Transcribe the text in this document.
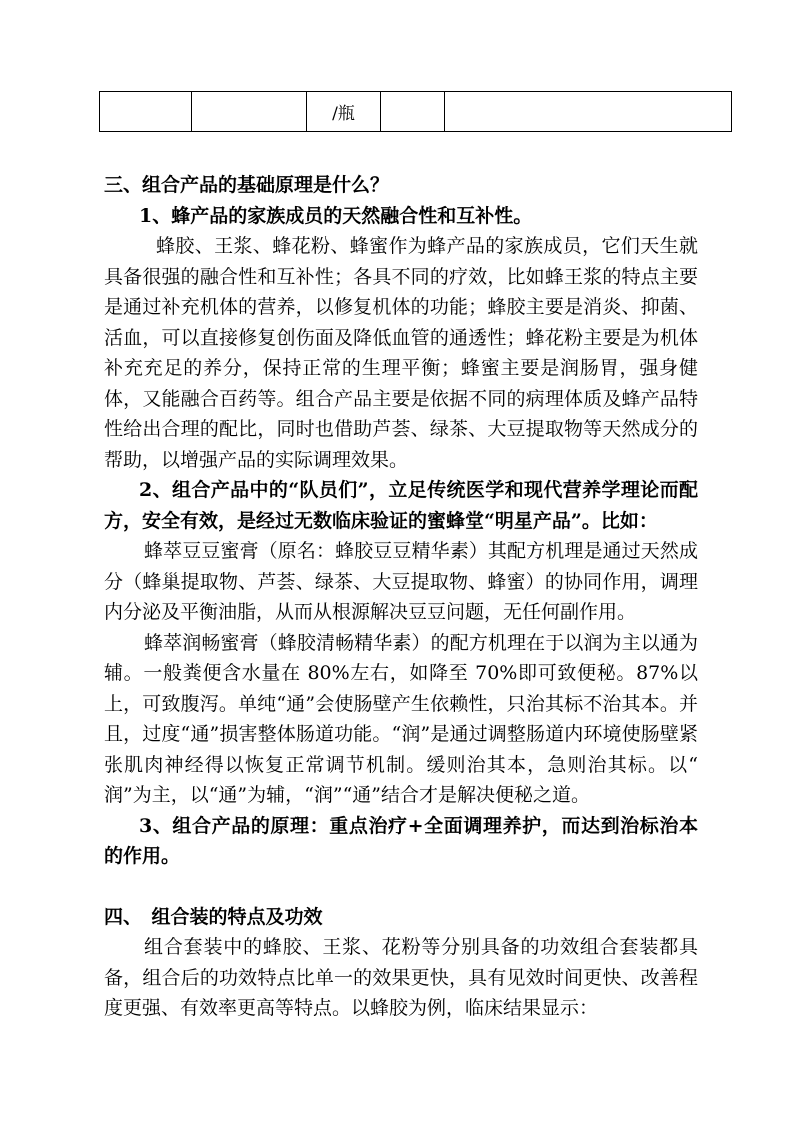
		/瓶		

三、组合产品的基础原理是什么？

1、蜂产品的家族成员的天然融合性和互补性。

蜂胶、王浆、蜂花粉、蜂蜜作为蜂产品的家族成员，它们天生就具备很强的融合性和互补性；各具不同的疗效，比如蜂王浆的特点主要是通过补充机体的营养，以修复机体的功能；蜂胶主要是消炎、抑菌、活血，可以直接修复创伤面及降低血管的通透性；蜂花粉主要是为机体补充充足的养分，保持正常的生理平衡；蜂蜜主要是润肠胃，强身健体，又能融合百药等。组合产品主要是依据不同的病理体质及蜂产品特性给出合理的配比，同时也借助芦荟、绿茶、大豆提取物等天然成分的帮助，以增强产品的实际调理效果。

2、组合产品中的“队员们”，立足传统医学和现代营养学理论而配方，安全有效，是经过无数临床验证的蜜蜂堂“明星产品”。比如：

蜂萃豆豆蜜膏（原名：蜂胶豆豆精华素）其配方机理是通过天然成分（蜂巢提取物、芦荟、绿茶、大豆提取物、蜂蜜）的协同作用，调理内分泌及平衡油脂，从而从根源解决豆豆问题，无任何副作用。

蜂萃润畅蜜膏（蜂胶清畅精华素）的配方机理在于以润为主以通为辅。一般粪便含水量在 80%左右，如降至 70%即可致便秘。87%以上，可致腹泻。单纯“通”会使肠壁产生依赖性，只治其标不治其本。并且，过度“通”损害整体肠道功能。“润”是通过调整肠道内环境使肠壁紧张肌肉神经得以恢复正常调节机制。缓则治其本，急则治其标。以“ 润”为主，以“通”为辅，“润”“通”结合才是解决便秘之道。

3、组合产品的原理：重点治疗+全面调理养护，而达到治标治本的作用。

四、　组合装的特点及功效

组合套装中的蜂胶、王浆、花粉等分别具备的功效组合套装都具备，组合后的功效特点比单一的效果更快，具有见效时间更快、改善程度更强、有效率更高等特点。以蜂胶为例，临床结果显示：
